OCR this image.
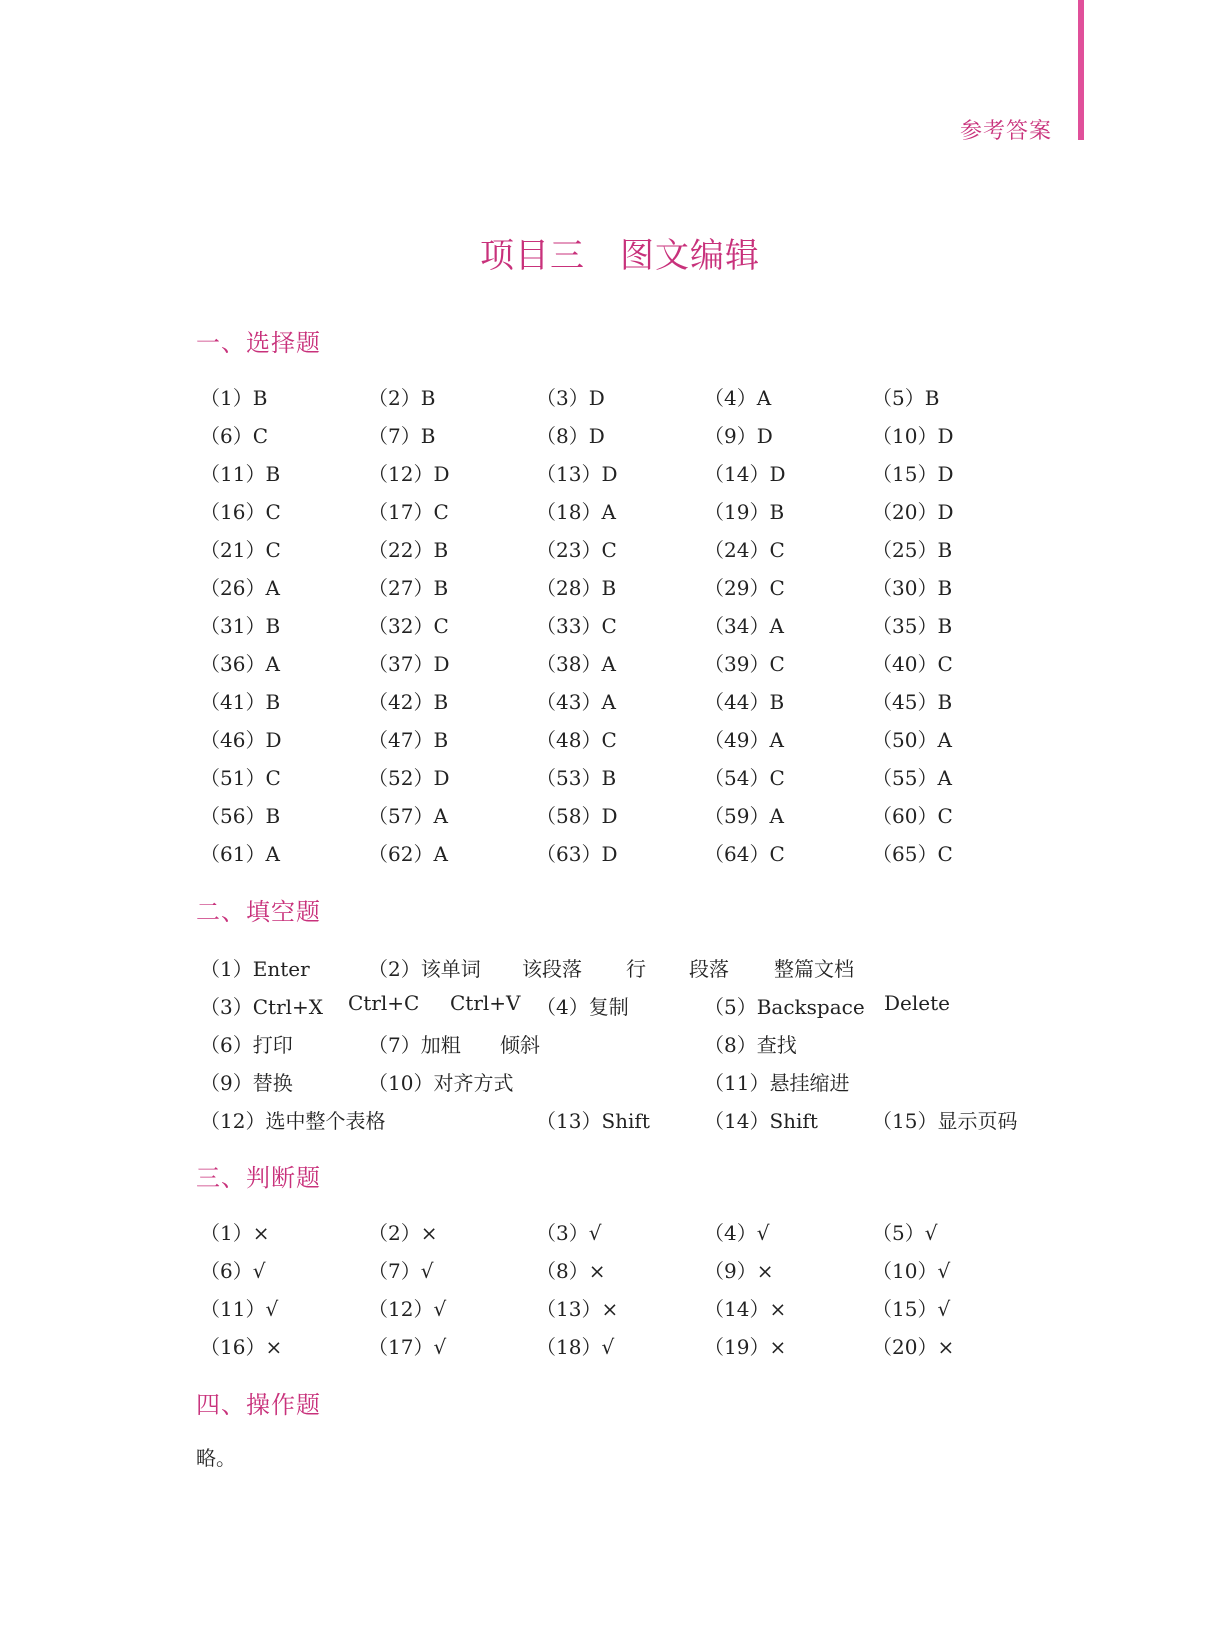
参考答案
项目三　图文编辑
一、选择题
（1）B	（2）B	（3）D	（4）A	（5）B
（6）C	（7）B	（8）D	（9）D	（10）D
（11）B	（12）D	（13）D	（14）D	（15）D
（16）C	（17）C	（18）A	（19）B	（20）D
（21）C	（22）B	（23）C	（24）C	（25）B
（26）A	（27）B	（28）B	（29）C	（30）B
（31）B	（32）C	（33）C	（34）A	（35）B
（36）A	（37）D	（38）A	（39）C	（40）C
（41）B	（42）B	（43）A	（44）B	（45）B
（46）D	（47）B	（48）C	（49）A	（50）A
（51）C	（52）D	（53）B	（54）C	（55）A
（56）B	（57）A	（58）D	（59）A	（60）C
（61）A	（62）A	（63）D	（64）C	（65）C
二、填空题
（1）Enter	（2）该单词 该段落 行 段落 整篇文档
（3）Ctrl+X Ctrl+C Ctrl+V （4）复制	（5）Backspace Delete
（6）打印	（7）加粗 倾斜	（8）查找
（9）替换	（10）对齐方式	（11）悬挂缩进
（12）选中整个表格	（13）Shift	（14）Shift	（15）显示页码
三、判断题
（1）×	（2）×	（3）√	（4）√	（5）√
（6）√	（7）√	（8）×	（9）×	（10）√
（11）√	（12）√	（13）×	（14）×	（15）√
（16）×	（17）√	（18）√	（19）×	（20）×
四、操作题
略。
